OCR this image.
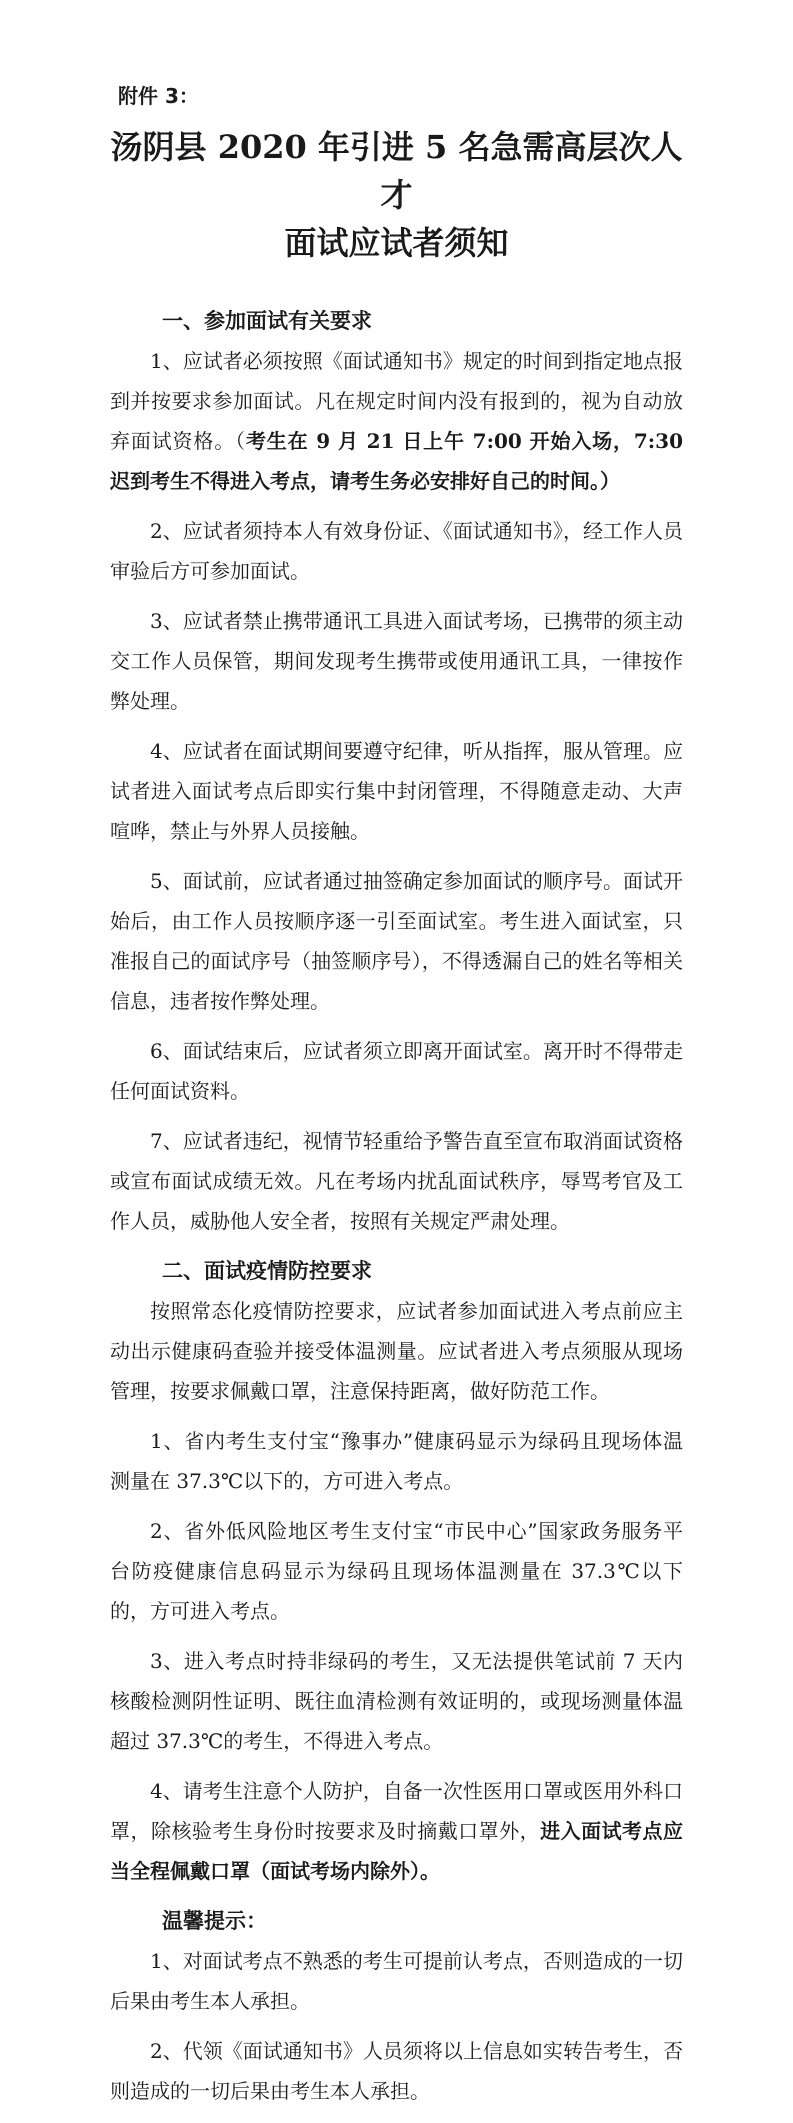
附件 3：
汤阴县 2020 年引进 5 名急需高层次人才
面试应试者须知
一、参加面试有关要求

1、应试者必须按照《面试通知书》规定的时间到指定地点报到并按要求参加面试。凡在规定时间内没有报到的，视为自动放弃面试资格。（考生在 9 月 21 日上午 7:00 开始入场，7:30 迟到考生不得进入考点，请考生务必安排好自己的时间。）

2、应试者须持本人有效身份证、《面试通知书》，经工作人员审验后方可参加面试。

3、应试者禁止携带通讯工具进入面试考场，已携带的须主动交工作人员保管，期间发现考生携带或使用通讯工具，一律按作弊处理。

4、应试者在面试期间要遵守纪律，听从指挥，服从管理。应试者进入面试考点后即实行集中封闭管理，不得随意走动、大声喧哗，禁止与外界人员接触。

5、面试前，应试者通过抽签确定参加面试的顺序号。面试开始后，由工作人员按顺序逐一引至面试室。考生进入面试室，只准报自己的面试序号（抽签顺序号），不得透漏自己的姓名等相关信息，违者按作弊处理。

6、面试结束后，应试者须立即离开面试室。离开时不得带走任何面试资料。

7、应试者违纪，视情节轻重给予警告直至宣布取消面试资格或宣布面试成绩无效。凡在考场内扰乱面试秩序，辱骂考官及工作人员，威胁他人安全者，按照有关规定严肃处理。

二、面试疫情防控要求

按照常态化疫情防控要求，应试者参加面试进入考点前应主动出示健康码查验并接受体温测量。应试者进入考点须服从现场管理，按要求佩戴口罩，注意保持距离，做好防范工作。

1、省内考生支付宝“豫事办”健康码显示为绿码且现场体温测量在 37.3℃以下的，方可进入考点。

2、省外低风险地区考生支付宝“市民中心”国家政务服务平台防疫健康信息码显示为绿码且现场体温测量在 37.3℃以下的，方可进入考点。

3、进入考点时持非绿码的考生，又无法提供笔试前 7 天内核酸检测阴性证明、既往血清检测有效证明的，或现场测量体温超过 37.3℃的考生，不得进入考点。

4、请考生注意个人防护，自备一次性医用口罩或医用外科口罩，除核验考生身份时按要求及时摘戴口罩外，进入面试考点应当全程佩戴口罩（面试考场内除外）。

温馨提示：

1、对面试考点不熟悉的考生可提前认考点，否则造成的一切后果由考生本人承担。

2、代领《面试通知书》人员须将以上信息如实转告考生，否则造成的一切后果由考生本人承担。
